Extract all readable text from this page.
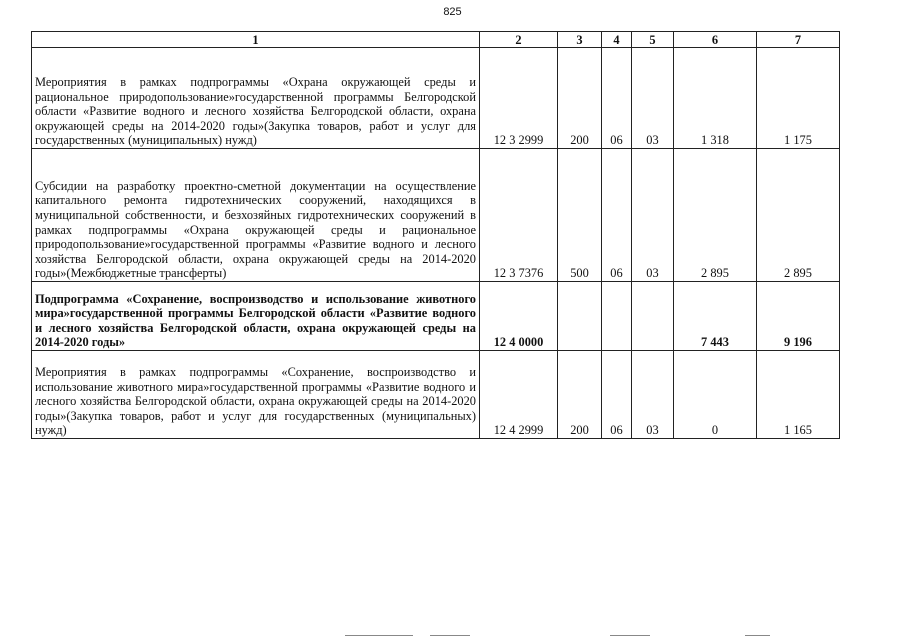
825
1	2	3	4	5	6	7
Мероприятия в рамках подпрограммы «Охрана окружающей среды и рациональное природопользование»государственной программы Белгородской области «Развитие водного и лесного хозяйства Белгородской области, охрана окружающей среды на 2014-2020 годы»(Закупка товаров, работ и услуг для государственных (муниципальных) нужд)	12 3 2999	200	06	03	1 318	1 175
Субсидии на разработку проектно-сметной документации на осуществление капитального ремонта гидротехнических сооружений, находящихся в муниципальной собственности, и безхозяйных гидротехнических сооружений в рамках подпрограммы «Охрана окружающей среды и рациональное природопользование»государственной программы «Развитие водного и лесного хозяйства Белгородской области, охрана окружающей среды на 2014-2020 годы»(Межбюджетные трансферты)	12 3 7376	500	06	03	2 895	2 895
Подпрограмма «Сохранение, воспроизводство и использование животного мира»государственной программы Белгородской области «Развитие водного и лесного хозяйства Белгородской области, охрана окружающей среды на 2014-2020 годы»	12 4 0000				7 443	9 196
Мероприятия в рамках подпрограммы «Сохранение, воспроизводство и использование животного мира»государственной программы «Развитие водного и лесного хозяйства Белгородской области, охрана окружающей среды на 2014-2020 годы»(Закупка товаров, работ и услуг для государственных (муниципальных) нужд)	12 4 2999	200	06	03	0	1 165
